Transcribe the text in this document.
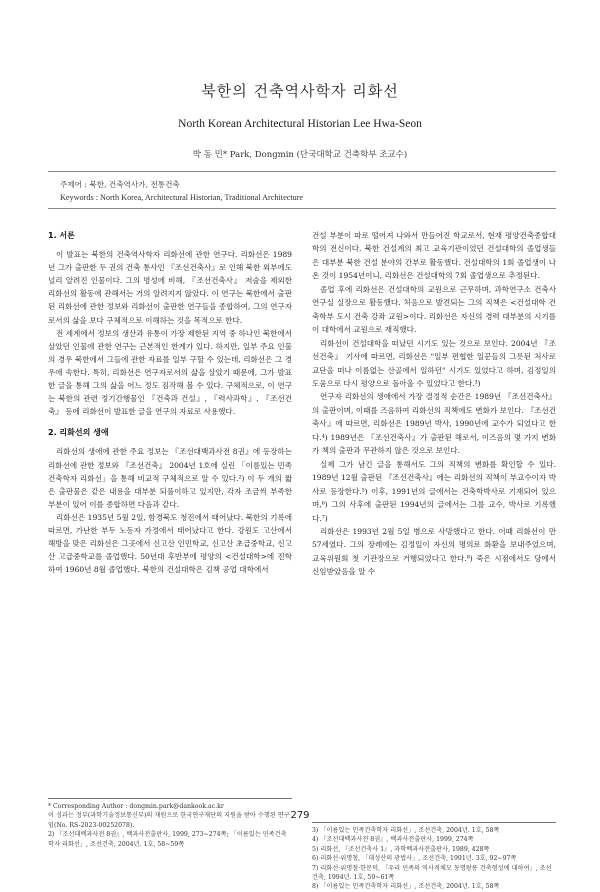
북한의 건축역사학자 리화선
North Korean Architectural Historian Lee Hwa-Seon
박 동 민* Park, Dongmin (단국대학교 건축학부 조교수)
주제어 : 북한, 건축역사가, 전통건축
Keywords : North Korea, Architectural Historian, Traditional Architecture
1. 서론

이 발표는 북한의 건축역사학자 리화선에 관한 연구다. 리화선은 1989년 그가 출판한 두 권의 건축 통사인 『조선건축사』로 인해 북한 외부에도 널리 알려진 인물이다. 그의 명성에 비해, 『조선건축사』 저술을 제외한 리화선의 활동에 관해서는 거의 알려지지 않았다. 이 연구는 북한에서 출판된 리화선에 관한 정보와 리화선이 출판한 연구들을 종합하여, 그의 연구자로서의 삶을 보다 구체적으로 이해하는 것을 목적으로 한다.

전 세계에서 정보의 생산과 유통이 가장 제한된 지역 중 하나인 북한에서 살았던 인물에 관한 연구는 근본적인 한계가 있다. 하지만, 일부 주요 인물의 경우 북한에서 그들에 관한 자료를 일부 구할 수 있는데, 리화선은 그 경우에 속한다. 특히, 리화선은 연구자로서의 삶을 살았기 때문에, 그가 발표한 글을 통해 그의 삶을 어느 정도 짐작해 볼 수 있다. 구체적으로, 이 연구는 북한의 관련 정기간행물인 『건축과 건설』, 『력사과학』, 『조선건축』 등에 리화선이 발표한 글을 연구의 자료로 사용했다.

2. 리화선의 생애

리화선의 생애에 관한 주요 정보는 『조선대백과사전 8권』에 등장하는 리화선에 관한 정보와 『조선건축』 2004년 1호에 실린 「이름있는 민족건축학자 리화선」을 통해 비교적 구체적으로 알 수 있다.²) 이 두 개의 짧은 출판물은 같은 내용을 대부분 되풀이하고 있지만, 각자 조금씩 부족한 부분이 있어 이를 종합하면 다음과 같다.

리화선은 1935년 5월 2일, 함경북도 청진에서 태어났다. 북한의 기록에 따르면, 가난한 부두 노동자 가정에서 태어났다고 한다. 강원도 고산에서 해방을 맞은 리화선은 그곳에서 신고산 인민학교, 신고산 초급중학교, 신고산 고급중학교를 졸업했다. 50년대 후반부에 평양의 <건설대학>에 진학하여 1960년 8월 졸업했다. 북한의 건설대학은 김책 공업 대학에서

건설 부분이 따로 떨어져 나와서 만들어진 학교로서, 현재 평양건축종합대학의 전신이다. 북한 건설계의 최고 교육기관이었던 건설대학의 졸업생들은 대부분 북한 건설 분야의 간부로 활동했다. 건설대학의 1회 졸업생이 나온 것이 1954년이니, 리화선은 건설대학의 7회 졸업생으로 추정된다.

졸업 후에 리화선은 건설대학의 교원으로 근무하며, 과학연구소 건축사연구실 실장으로 활동했다. 처음으로 발견되는 그의 직책은 <건설대학 건축학부 도시 건축 강좌 교원>이다. 리화선은 자신의 경력 대부분의 시기를 이 대학에서 교원으로 재직했다.

리화선이 건설대학을 떠났던 시기도 있는 것으로 보인다. 2004년 『조선건축』 기사에 따르면, 리화선은 "일부 편협한 일꾼들의 그릇된 처사로 교단을 떠나 이름없는 산골에서 일하던" 시기도 있었다고 하며, 김정일의 도움으로 다시 평양으로 돌아올 수 있었다고 한다.³)

연구자 리화선의 생애에서 가장 결정적 순간은 1989년 『조선건축사』의 출판이며, 이때를 즈음하여 리화선의 직책에도 변화가 보인다. 『조선건축사』에 따르면, 리화선은 1989년 박사, 1990년에 교수가 되었다고 한다.⁴) 1989년은 『조선건축사』가 출판된 해로서, 이즈음의 몇 가지 변화가 책의 출판과 무관하지 않은 것으로 보인다.

실제 그가 남긴 글을 통해서도 그의 직책의 변화를 확인할 수 있다. 1989년 12월 출판된 『조선건축사』에는 리화선의 직책이 부교수이자 박사로 등장한다.⁵) 이후, 1991년의 글에서는 건축학박사로 기재되어 있으며,⁶) 그의 사후에 출판된 1994년의 글에서는 그를 교수, 박사로 기록했다.⁷)

리화선은 1993년 2월 5일 병으로 사망했다고 한다. 이때 리화선이 만 57세였다. 그의 장례에는 김정일이 자신의 명의로 화환을 보내주었으며, 교육위원회 첫 기관장으로 거행되었다고 한다.⁸) 죽은 시점에서도 당에서 신임받았음을 알 수

* Corresponding Author : dongmin.park@dankook.ac.kr
이 성과는 정부(과학기술정보통신부)의 재원으로 한국연구재단의 지원을 받아 수행된 연구임(No. RS-2023-00252078).
2) 『조선대백과사전 8권』, 백과사전출판사, 1999, 273~274쪽; 「이름있는 민족건축학자 리화선」, 조선건축, 2004년. 1호, 58~59쪽
3) 「이름있는 민족건축학자 리화선」, 조선건축, 2004년. 1호, 58쪽
4) 『조선대백과사전 8권』, 백과사전출판사, 1999, 274쪽
5) 리화선, 『조선건축사 1』, 과학백과사전출판사, 1989, 428쪽
6) 리화선·위명철, 「대성산의 광법사」, 조선건축, 1991년. 3호, 92~97쪽
7) 리화선·위명철·한문덕, 「우리 민족의 역사적체모 동명왕릉 건축형성에 대하여」, 조선건축, 1994년. 1호, 59~61쪽
8) 「이름있는 민족건축학자 리화선」, 조선건축, 2004년. 1호, 58쪽
279
